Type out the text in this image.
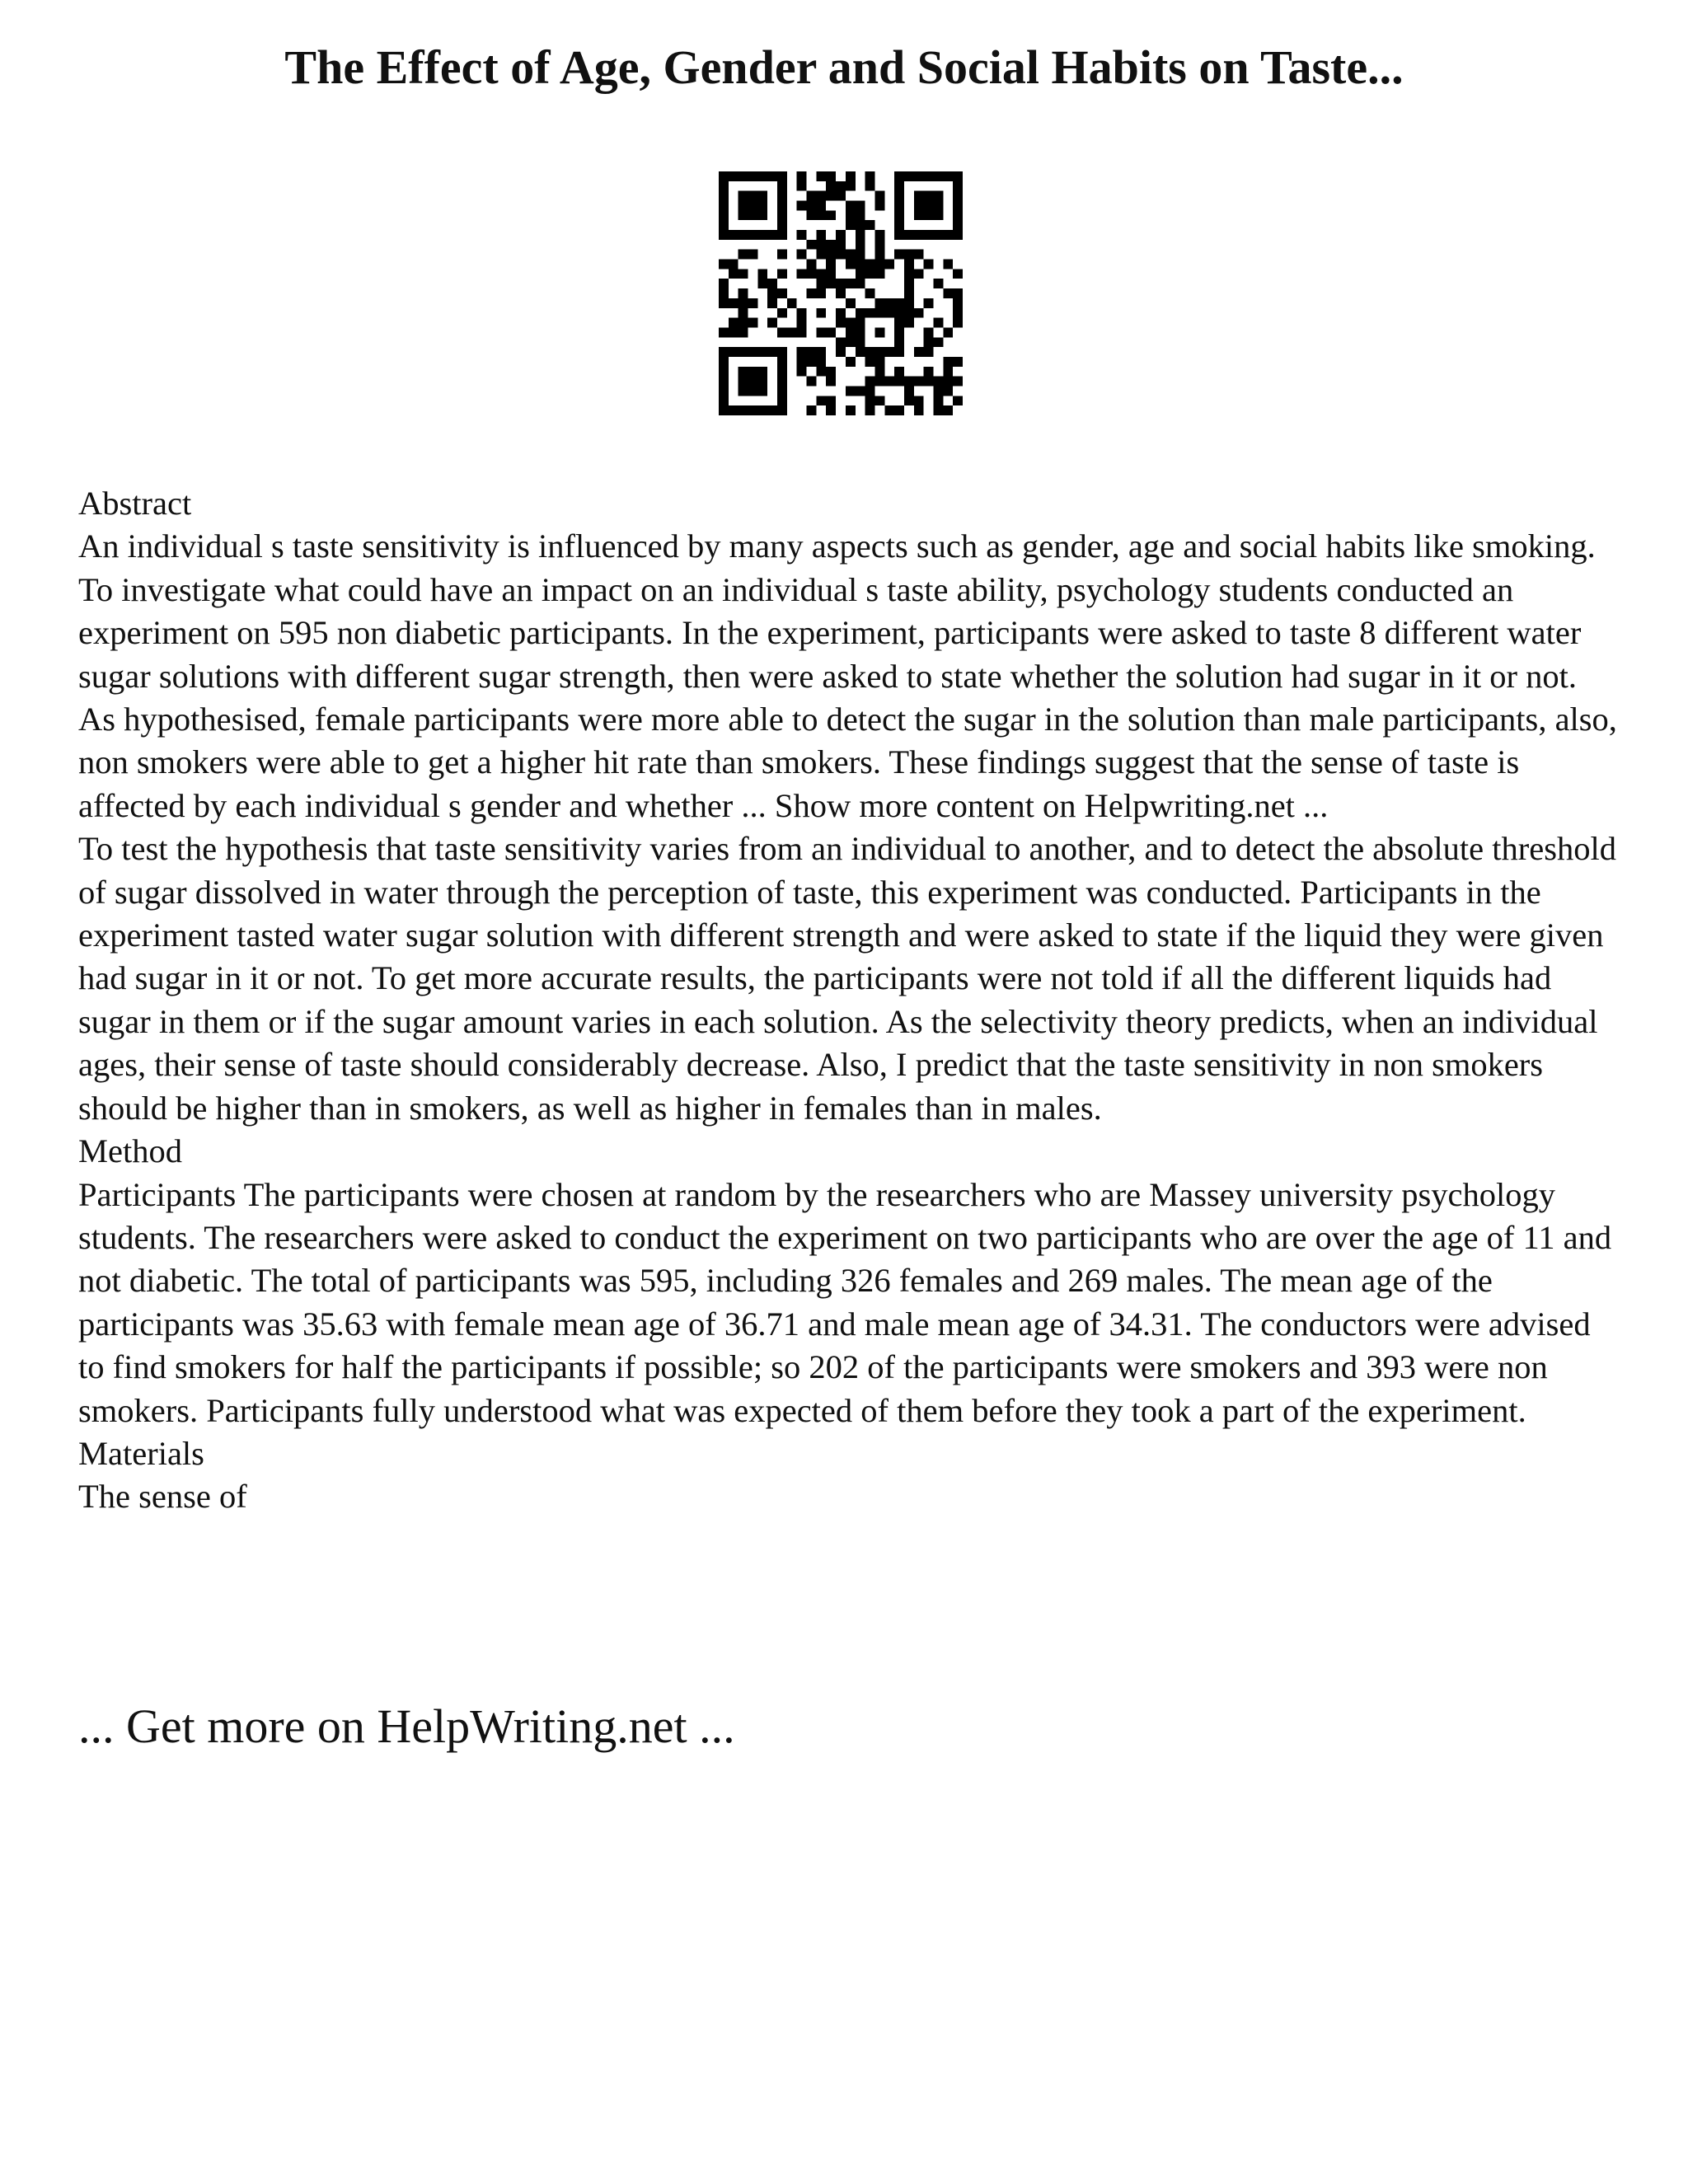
The Effect of Age, Gender and Social Habits on Taste...

Abstract

An individual s taste sensitivity is influenced by many aspects such as gender, age and social habits like smoking. To investigate what could have an impact on an individual s taste ability, psychology students conducted an experiment on 595 non diabetic participants. In the experiment, participants were asked to taste 8 different water sugar solutions with different sugar strength, then were asked to state whether the solution had sugar in it or not. As hypothesised, female participants were more able to detect the sugar in the solution than male participants, also, non smokers were able to get a higher hit rate than smokers. These findings suggest that the sense of taste is affected by each individual s gender and whether ... Show more content on Helpwriting.net ...

To test the hypothesis that taste sensitivity varies from an individual to another, and to detect the absolute threshold of sugar dissolved in water through the perception of taste, this experiment was conducted. Participants in the experiment tasted water sugar solution with different strength and were asked to state if the liquid they were given had sugar in it or not. To get more accurate results, the participants were not told if all the different liquids had sugar in them or if the sugar amount varies in each solution. As the selectivity theory predicts, when an individual ages, their sense of taste should considerably decrease. Also, I predict that the taste sensitivity in non smokers should be higher than in smokers, as well as higher in females than in males.

Method

Participants The participants were chosen at random by the researchers who are Massey university psychology students. The researchers were asked to conduct the experiment on two participants who are over the age of 11 and not diabetic. The total of participants was 595, including 326 females and 269 males. The mean age of the participants was 35.63 with female mean age of 36.71 and male mean age of 34.31. The conductors were advised to find smokers for half the participants if possible; so 202 of the participants were smokers and 393 were non smokers. Participants fully understood what was expected of them before they took a part of the experiment.

Materials

The sense of

... Get more on HelpWriting.net ...
